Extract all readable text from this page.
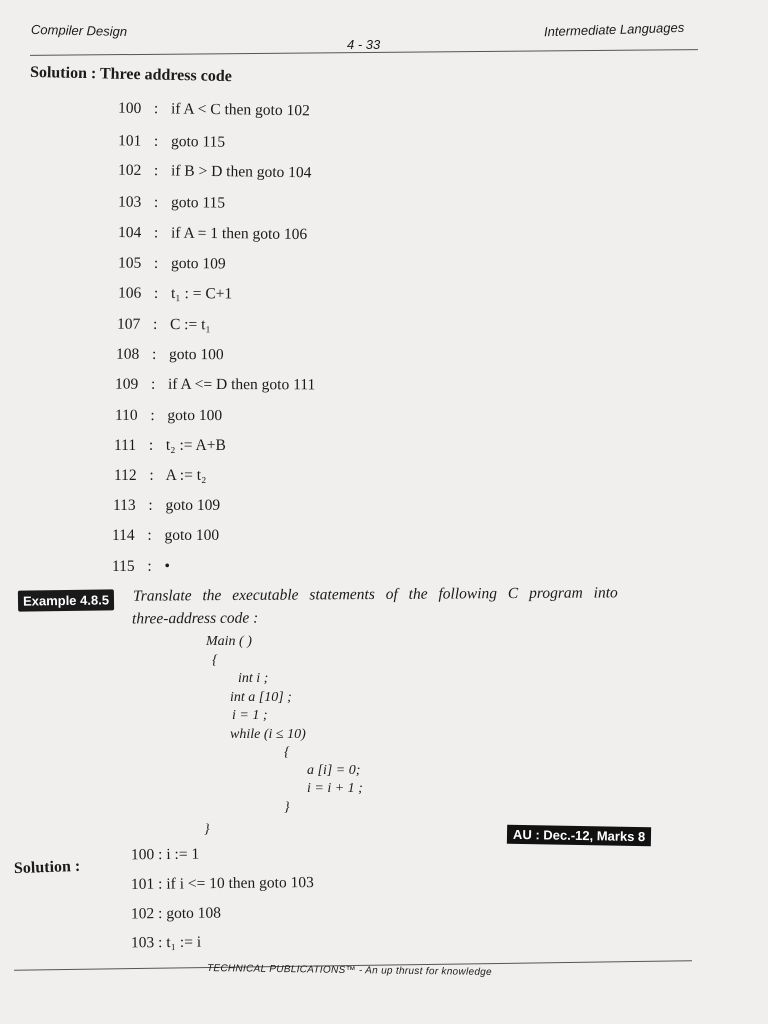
Compiler Design
4 - 33
Intermediate Languages
Solution : Three address code
100 : if A < C then goto 102
101 : goto 115
102 : if B > D then goto 104
103 : goto 115
104 : if A = 1 then goto 106
105 : goto 109
106 : t₁ : = C+1
107 : C := t₁
108 : goto 100
109 : if A <= D then goto 111
110 : goto 100
111 : t₂ := A+B
112 : A := t₂
113 : goto 109
114 : goto 100
115 : •
Example 4.8.5	Translate the executable statements of the following C program into
three-address code :
Main ( )
{
int i ;
int a [10] ;
i = 1 ;
while (i ≤ 10)
{
a [i] = 0;
i = i + 1 ;
}
}	AU : Dec.-12, Marks 8
Solution :
100 : i := 1
101 : if i <= 10 then goto 103
102 : goto 108
103 : t₁ := i
TECHNICAL PUBLICATIONS™ - An up thrust for knowledge
